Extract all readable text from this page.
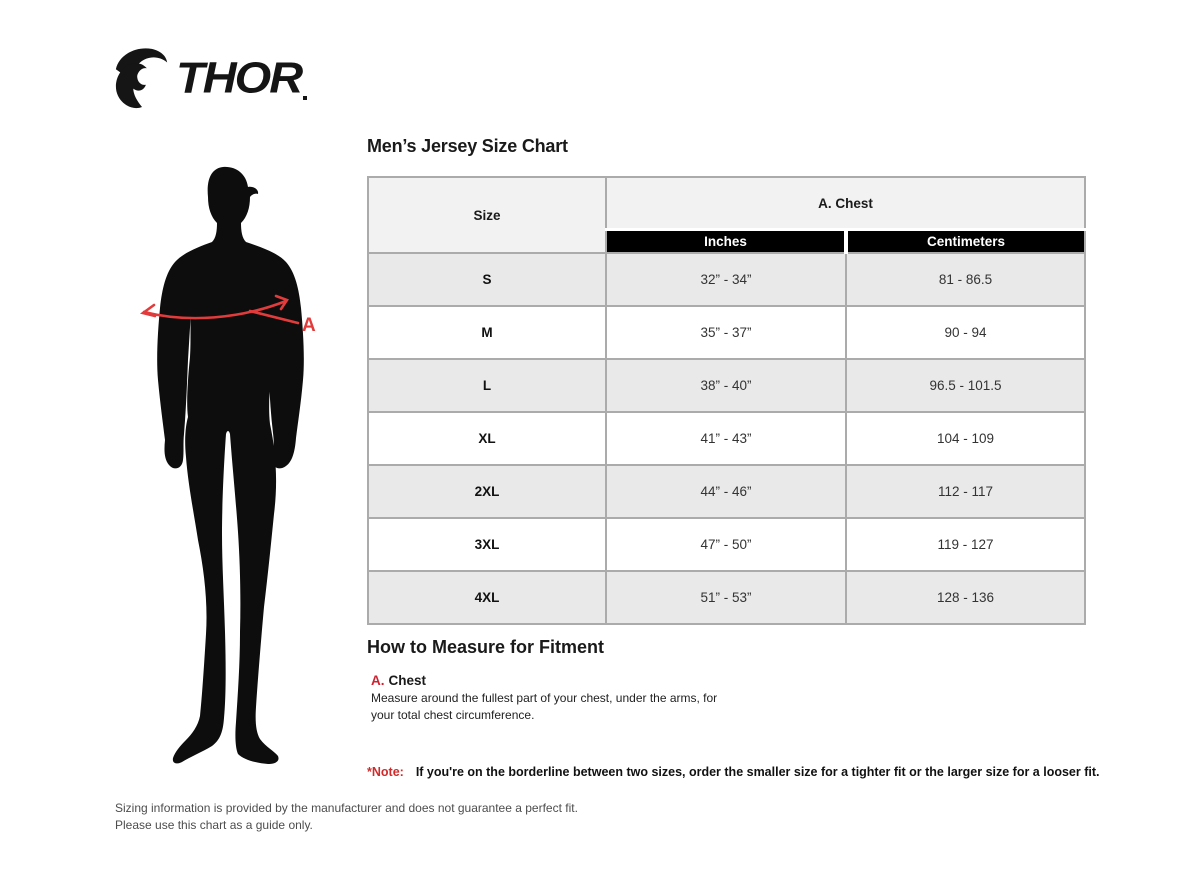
THOR
A
Men’s Jersey Size Chart
Size	A. Chest	
	Inches	Centimeters
S	32” - 34”	81 - 86.5
M	35” - 37”	90 - 94
L	38” - 40”	96.5 - 101.5
XL	41” - 43”	104 - 109
2XL	44” - 46”	112 - 117
3XL	47” - 50”	119 - 127
4XL	51” - 53”	128 - 136
How to Measure for Fitment
A. Chest
Measure around the fullest part of your chest, under the arms, for your total chest circumference.
*Note: If you're on the borderline between two sizes, order the smaller size for a tighter fit or the larger size for a looser fit.
Sizing information is provided by the manufacturer and does not guarantee a perfect fit.
Please use this chart as a guide only.
